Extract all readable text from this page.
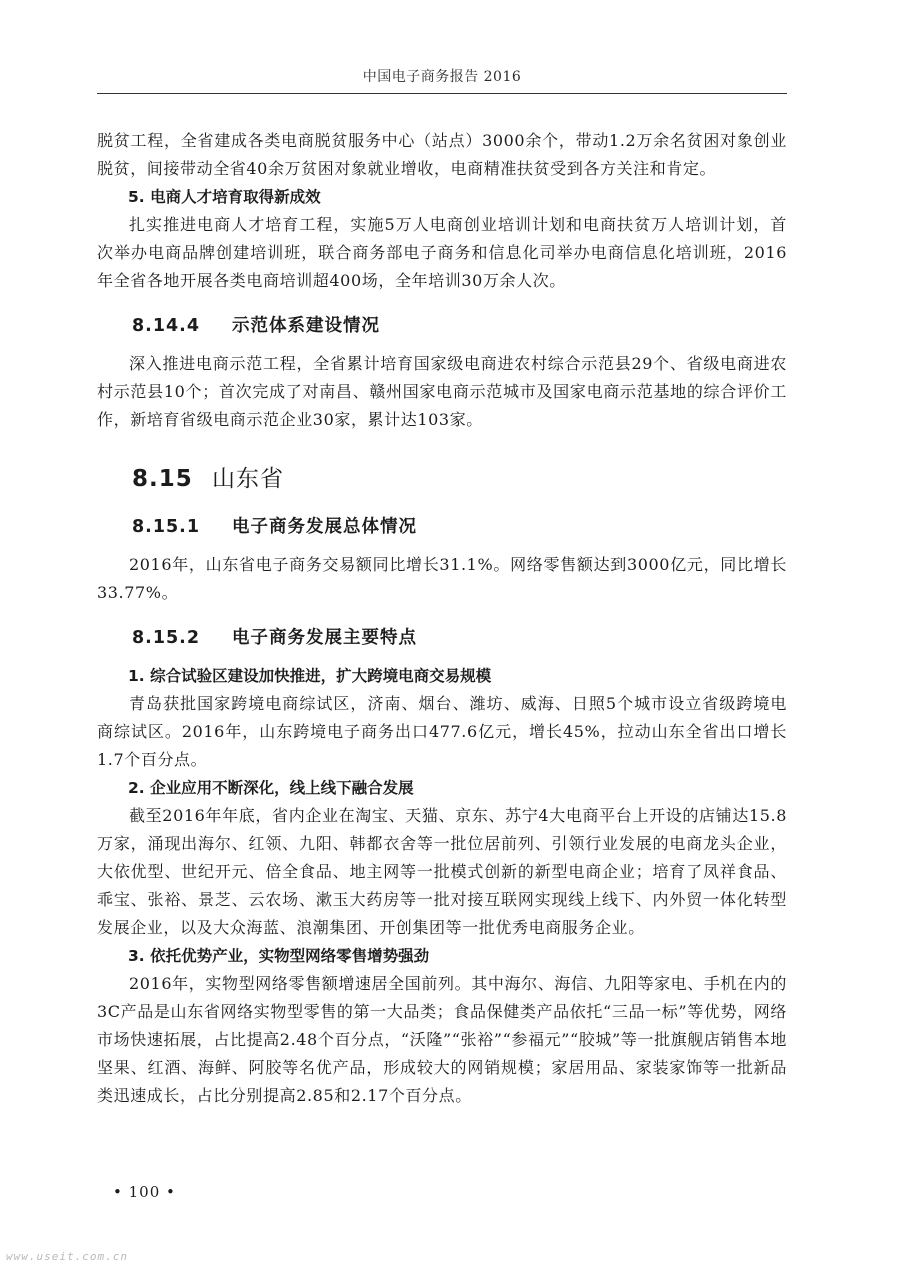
中国电子商务报告 2016

脱贫工程，全省建成各类电商脱贫服务中心（站点）3000余个，带动1.2万余名贫困对象创业脱贫，间接带动全省40余万贫困对象就业增收，电商精准扶贫受到各方关注和肯定。

5. 电商人才培育取得新成效

扎实推进电商人才培育工程，实施5万人电商创业培训计划和电商扶贫万人培训计划，首次举办电商品牌创建培训班，联合商务部电子商务和信息化司举办电商信息化培训班，2016年全省各地开展各类电商培训超400场，全年培训30万余人次。

8.14.4 示范体系建设情况

深入推进电商示范工程，全省累计培育国家级电商进农村综合示范县29个、省级电商进农村示范县10个；首次完成了对南昌、赣州国家电商示范城市及国家电商示范基地的综合评价工作，新培育省级电商示范企业30家，累计达103家。

8.15 山东省
8.15.1 电子商务发展总体情况

2016年，山东省电子商务交易额同比增长31.1%。网络零售额达到3000亿元，同比增长33.77%。

8.15.2 电子商务发展主要特点

1. 综合试验区建设加快推进，扩大跨境电商交易规模

青岛获批国家跨境电商综试区，济南、烟台、潍坊、威海、日照5个城市设立省级跨境电商综试区。2016年，山东跨境电子商务出口477.6亿元，增长45%，拉动山东全省出口增长1.7个百分点。

2. 企业应用不断深化，线上线下融合发展

截至2016年年底，省内企业在淘宝、天猫、京东、苏宁4大电商平台上开设的店铺达15.8万家，涌现出海尔、红领、九阳、韩都衣舍等一批位居前列、引领行业发展的电商龙头企业，大依优型、世纪开元、倍全食品、地主网等一批模式创新的新型电商企业；培育了凤祥食品、乖宝、张裕、景芝、云农场、漱玉大药房等一批对接互联网实现线上线下、内外贸一体化转型发展企业，以及大众海蓝、浪潮集团、开创集团等一批优秀电商服务企业。

3. 依托优势产业，实物型网络零售增势强劲

2016年，实物型网络零售额增速居全国前列。其中海尔、海信、九阳等家电、手机在内的3C产品是山东省网络实物型零售的第一大品类；食品保健类产品依托“三品一标”等优势，网络市场快速拓展，占比提高2.48个百分点，“沃隆”“张裕”“参福元”“胶城”等一批旗舰店销售本地坚果、红酒、海鲜、阿胶等名优产品，形成较大的网销规模；家居用品、家装家饰等一批新品类迅速成长，占比分别提高2.85和2.17个百分点。

• 100 •
www.useit.com.cn
